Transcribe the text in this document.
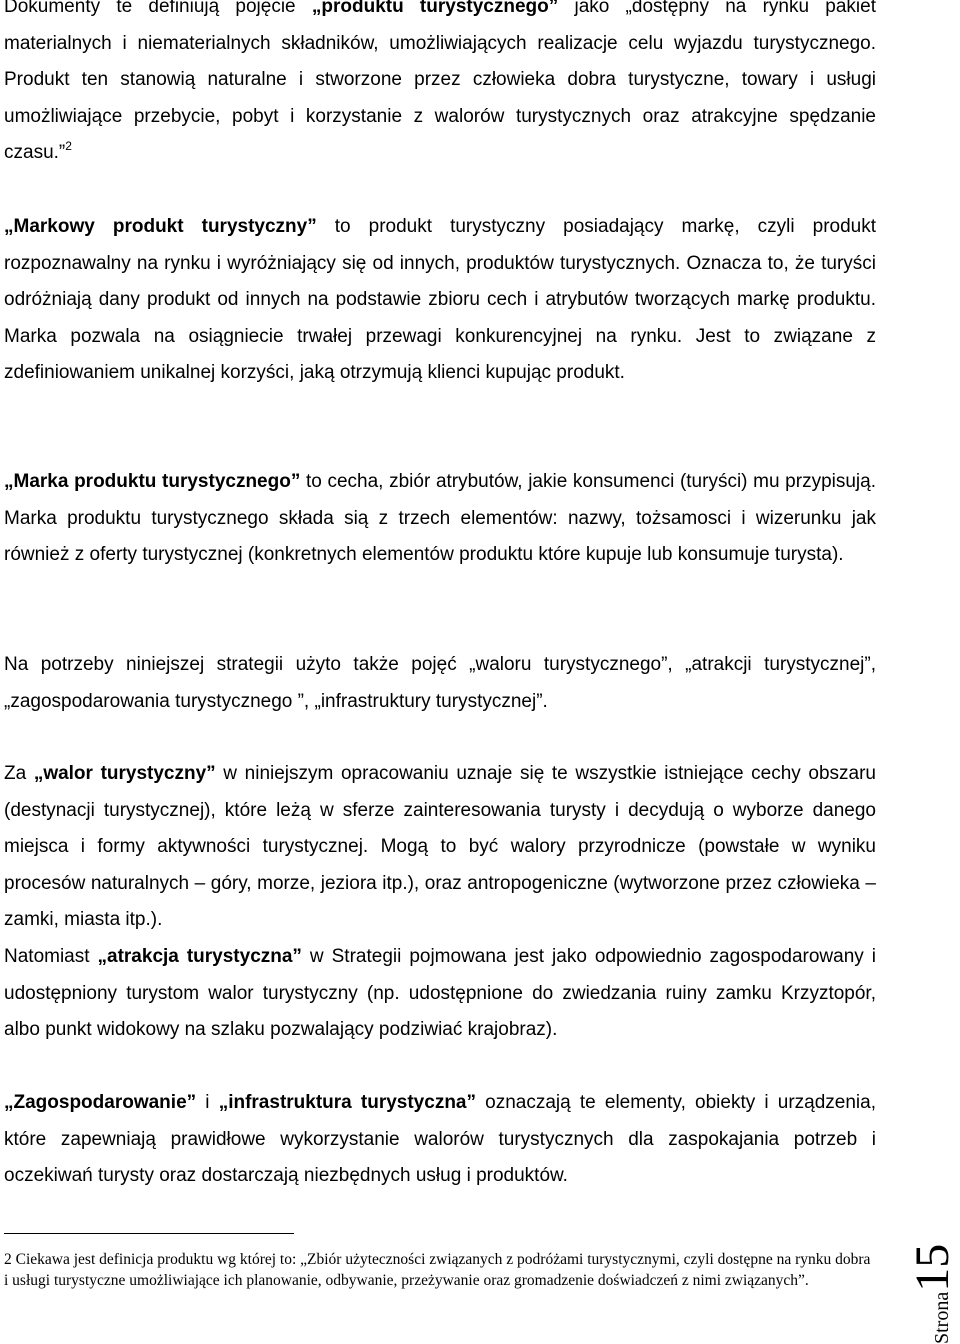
Dokumenty te definiują pojęcie „produktu turystycznego” jako „dostępny na rynku pakiet materialnych i niematerialnych składników, umożliwiających realizacje celu wyjazdu turystycznego. Produkt ten stanowią naturalne i stworzone przez człowieka dobra turystyczne, towary i usługi umożliwiające przebycie, pobyt i korzystanie z walorów turystycznych oraz atrakcyjne spędzanie czasu.”$^2$

„Markowy produkt turystyczny” to produkt turystyczny posiadający markę, czyli produkt rozpoznawalny na rynku i wyróżniający się od innych, produktów turystycznych. Oznacza to, że turyści odróżniają dany produkt od innych na podstawie zbioru cech i atrybutów tworzących markę produktu. Marka pozwala na osiągniecie trwałej przewagi konkurencyjnej na rynku. Jest to związane z zdefiniowaniem unikalnej korzyści, jaką otrzymują klienci kupując produkt.

„Marka produktu turystycznego” to cecha, zbiór atrybutów, jakie konsumenci (turyści) mu przypisują. Marka produktu turystycznego składa sią z trzech elementów: nazwy, tożsamosci i wizerunku jak również z oferty turystycznej (konkretnych elementów produktu które kupuje lub konsumuje turysta).

Na potrzeby niniejszej strategii użyto także pojęć „waloru turystycznego”, „atrakcji turystycznej”, „zagospodarowania turystycznego ”, „infrastruktury turystycznej”.

Za „walor turystyczny” w niniejszym opracowaniu uznaje się te wszystkie istniejące cechy obszaru (destynacji turystycznej), które leżą w sferze zainteresowania turysty i decydują o wyborze danego miejsca i formy aktywności turystycznej. Mogą to być walory przyrodnicze (powstałe w wyniku procesów naturalnych – góry, morze, jeziora itp.), oraz antropogeniczne (wytworzone przez człowieka – zamki, miasta itp.).

Natomiast „atrakcja turystyczna” w Strategii pojmowana jest jako odpowiednio zagospodarowany i udostępniony turystom walor turystyczny (np. udostępnione do zwiedzania ruiny zamku Krzyztopór, albo punkt widokowy na szlaku pozwalający podziwiać krajobraz).

„Zagospodarowanie” i „infrastruktura turystyczna” oznaczają te elementy, obiekty i urządzenia, które zapewniają prawidłowe wykorzystanie walorów turystycznych dla zaspokajania potrzeb i oczekiwań turysty oraz dostarczają niezbędnych usług i produktów.

2 Ciekawa jest definicja produktu wg której to: „Zbiór użyteczności związanych z podróżami turystycznymi, czyli dostępne na rynku dobra i usługi turystyczne umożliwiające ich planowanie, odbywanie, przeżywanie oraz gromadzenie doświadczeń z nimi związanych”.

Strona15
